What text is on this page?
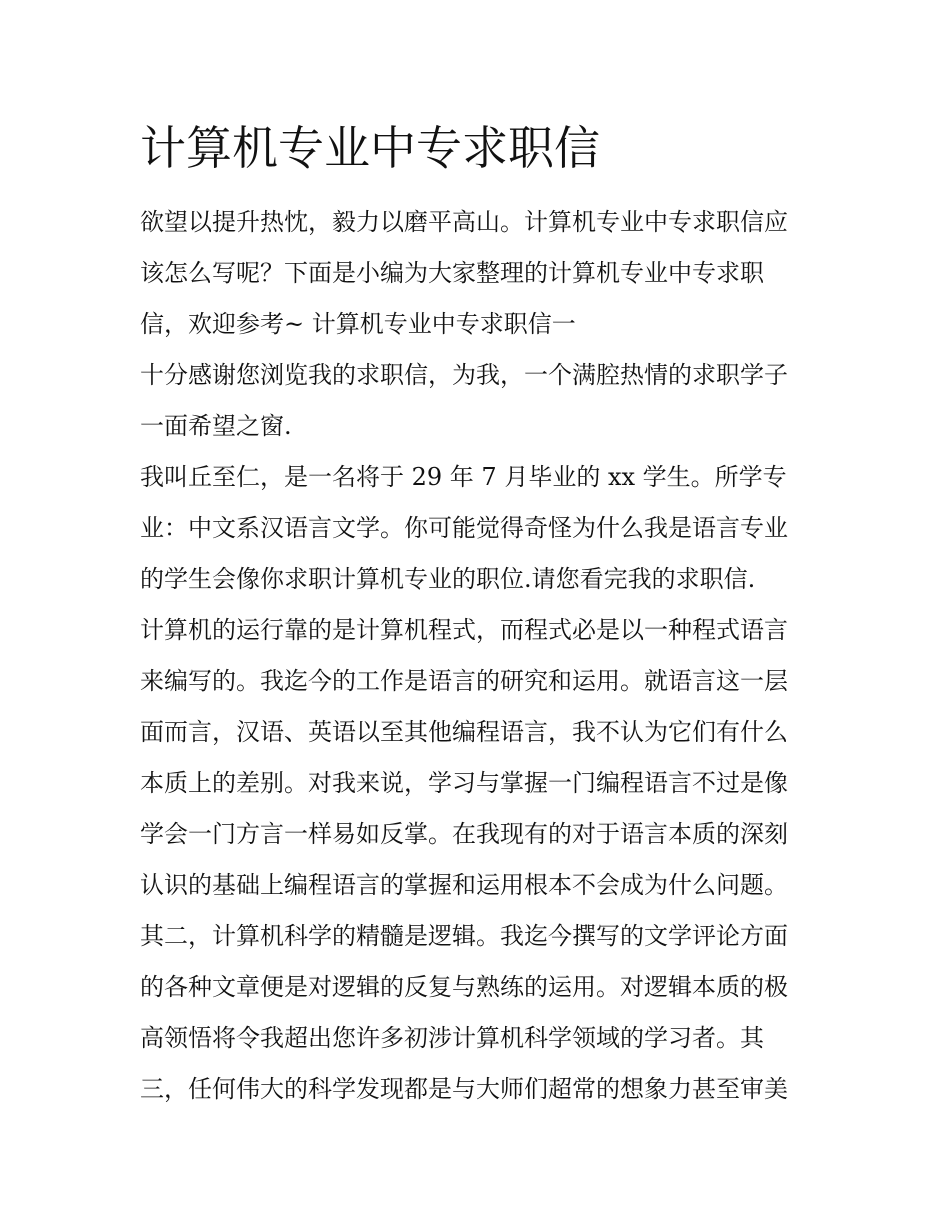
计算机专业中专求职信

欲望以提升热忱，毅力以磨平高山。计算机专业中专求职信应

该怎么写呢？下面是小编为大家整理的计算机专业中专求职

信，欢迎参考~ 计算机专业中专求职信一

十分感谢您浏览我的求职信，为我，一个满腔热情的求职学子

一面希望之窗.

我叫丘至仁，是一名将于 29 年 7 月毕业的 xx 学生。所学专

业：中文系汉语言文学。你可能觉得奇怪为什么我是语言专业

的学生会像你求职计算机专业的职位.请您看完我的求职信.

计算机的运行靠的是计算机程式，而程式必是以一种程式语言

来编写的。我迄今的工作是语言的研究和运用。就语言这一层

面而言，汉语、英语以至其他编程语言，我不认为它们有什么

本质上的差别。对我来说，学习与掌握一门编程语言不过是像

学会一门方言一样易如反掌。在我现有的对于语言本质的深刻

认识的基础上编程语言的掌握和运用根本不会成为什么问题。

其二，计算机科学的精髓是逻辑。我迄今撰写的文学评论方面

的各种文章便是对逻辑的反复与熟练的运用。对逻辑本质的极

高领悟将令我超出您许多初涉计算机科学领域的学习者。其

三，任何伟大的科学发现都是与大师们超常的想象力甚至审美
